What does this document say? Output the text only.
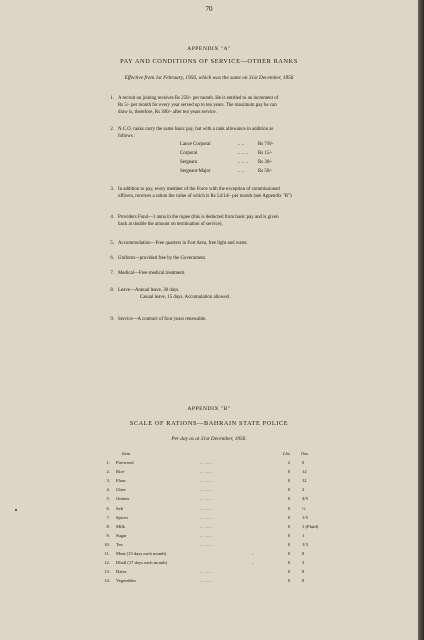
70
APPENDIX "A"
PAY AND CONDITIONS OF SERVICE—OTHER RANKS
Effective from 1st February, 1956, which was the same on 31st December, 1956
1. A recruit on joining receives Rs 250/- per month. He is entitled to an increment of
Rs 5/- per month for every year served up to ten years. The maximum pay he can
draw is, therefore, Rs 300/- after ten years service.
2. N.C.O. ranks carry the same basic pay, but with a rank allowance in addition as
follows :
3. In addition to pay, every member of the Force with the exception of commissioned
officers, receives a ration the value of which is Rs 54/14/- per month (see Appendix "B")
4. Providers Fund—1 anna in the rupee (this is deducted from basic pay and is given
back at double the amount on termination of service).
5. Accommodation—Free quarters in Fort Area, free light and water.
6. Uniform—provided free by the Government.
7. Medical—Free medical treatment.
8. Leave—Annual leave, 30 days.
Casual leave, 15 days. Accumulation allowed.
9. Service—A contract of four years renewable.
Lance Corporal	.. ..	Rs 7/8/-
Corporal	.. .. .. Rs 15/-
Sergeant	.. .. .. Rs 30/-
Sergeant-Major	.. ..	Rs 50/-
APPENDIX "B"
SCALE OF RATIONS—BAHRAIN STATE POLICE
Per day as at 31st December, 1956.
Item	Lbs. Ozs.
1. Firewood	.. .. .. ..	2	0
2. Rice	.. .. .. ..	0	12
3. Flour	.. .. .. ..	0	12
4. Ghee	.. .. .. ..	0	2
5. Onions	.. .. .. ..	0	4/5
6. Salt	.. .. .. ..	0	½
7. Spices	.. .. .. ..	0	1/5
8. Milk	.. .. .. ..	0	1 (Fluid)
9. Sugar	.. .. .. ..	0	1
10. Tea	.. .. .. ..	0	1/3
11. Meat (13 days each month)	..	0	8
12. Dhall (17 days each month)	..	0	3
13. Dates	.. .. .. ..	0	8
14. Vegetables	.. .. .. ..	0	8
